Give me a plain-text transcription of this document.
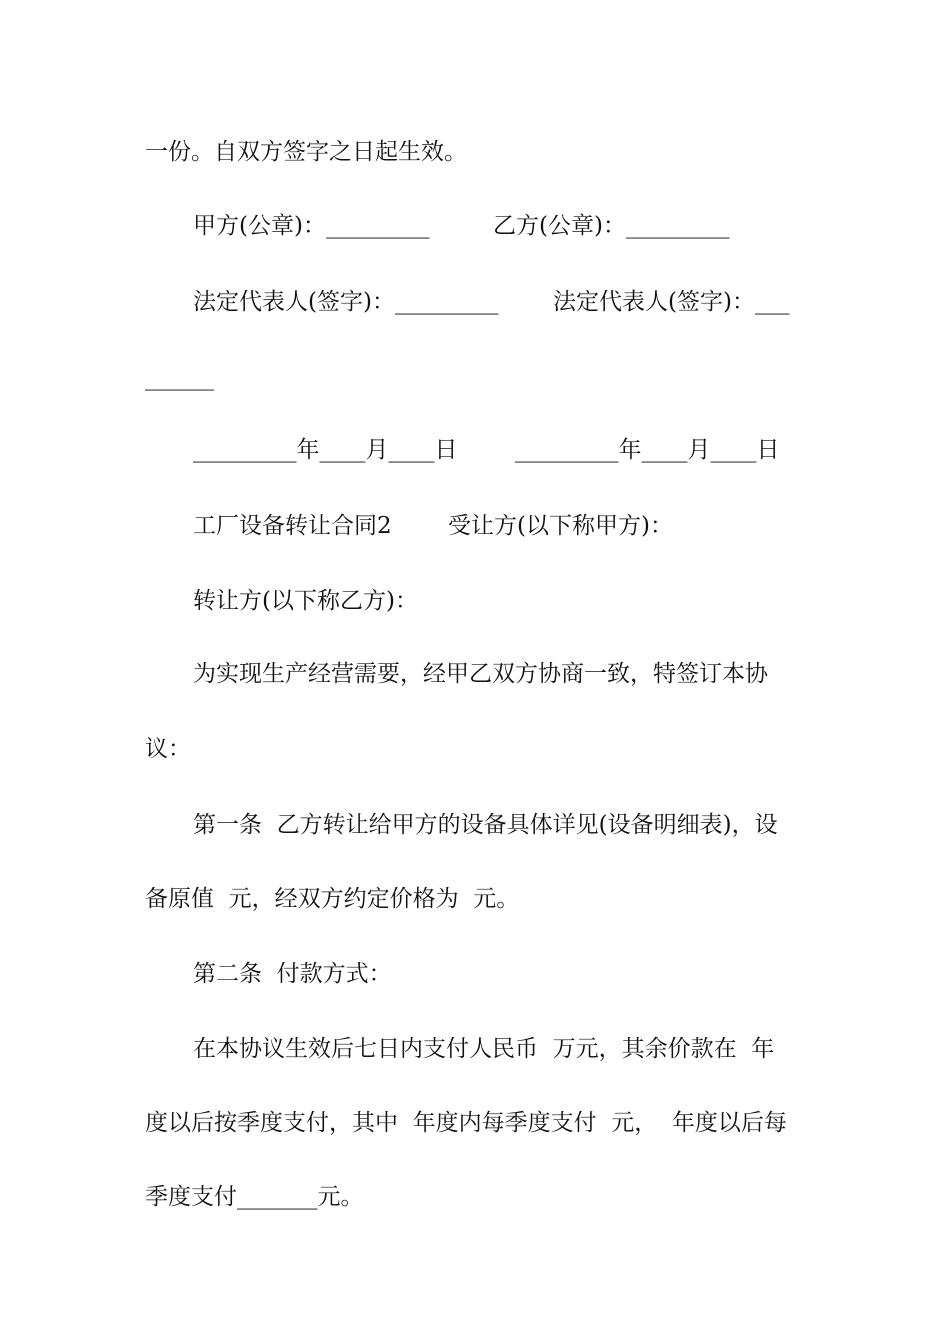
一份。自双方签字之日起生效。
甲方(公章)：_________	乙方(公章)：_________
法定代表人(签字)：_________ 法定代表人(签字)：___
______
_________年____月____日	_________年____月____日
工厂设备转让合同2 受让方(以下称甲方)：
转让方(以下称乙方)：
为实现生产经营需要，经甲乙双方协商一致，特签订本协
议：
第一条  乙方转让给甲方的设备具体详见(设备明细表)，设
备原值  元，经双方约定价格为  元。
第二条  付款方式：
在本协议生效后七日内支付人民币  万元，其余价款在  年
度以后按季度支付，其中  年度内每季度支付  元，  年度以后每
季度支付_______元。
